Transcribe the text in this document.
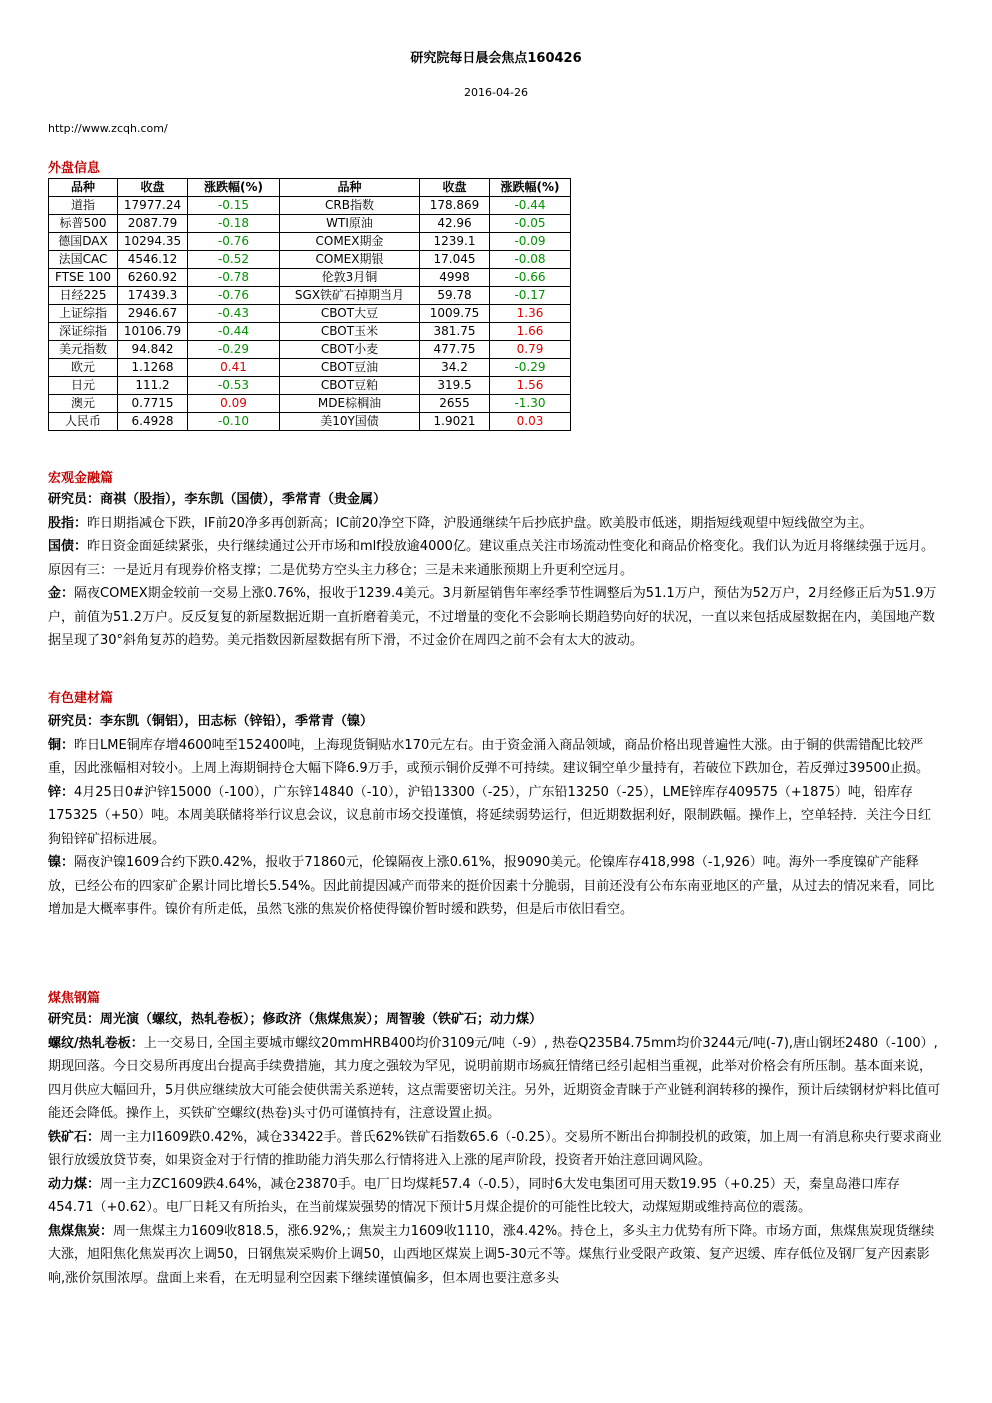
研究院每日晨会焦点160426
2016-04-26
http://www.zcqh.com/
外盘信息
品种	收盘	涨跌幅(%)	品种	收盘	涨跌幅(%)
道指	17977.24	-0.15	CRB指数	178.869	-0.44
标普500	2087.79	-0.18	WTI原油	42.96	-0.05
德国DAX	10294.35	-0.76	COMEX期金	1239.1	-0.09
法国CAC	4546.12	-0.52	COMEX期银	17.045	-0.08
FTSE 100	6260.92	-0.78	伦敦3月铜	4998	-0.66
日经225	17439.3	-0.76	SGX铁矿石掉期当月	59.78	-0.17
上证综指	2946.67	-0.43	CBOT大豆	1009.75	1.36
深证综指	10106.79	-0.44	CBOT玉米	381.75	1.66
美元指数	94.842	-0.29	CBOT小麦	477.75	0.79
欧元	1.1268	0.41	CBOT豆油	34.2	-0.29
日元	111.2	-0.53	CBOT豆粕	319.5	1.56
澳元	0.7715	0.09	MDE棕榈油	2655	-1.30
人民币	6.4928	-0.10	美10Y国债	1.9021	0.03
宏观金融篇

研究员：商祺（股指），李东凯（国债），季常青（贵金属）

股指：昨日期指减仓下跌，IF前20净多再创新高；IC前20净空下降，沪股通继续午后抄底护盘。欧美股市低迷，期指短线观望中短线做空为主。

国债：昨日资金面延续紧张，央行继续通过公开市场和mlf投放逾4000亿。建议重点关注市场流动性变化和商品价格变化。我们认为近月将继续强于远月。原因有三：一是近月有现券价格支撑；二是优势方空头主力移仓；三是未来通胀预期上升更利空远月。

金：隔夜COMEX期金较前一交易上涨0.76%，报收于1239.4美元。3月新屋销售年率经季节性调整后为51.1万户，预估为52万户，2月经修正后为51.9万户，前值为51.2万户。反反复复的新屋数据近期一直折磨着美元，不过增量的变化不会影响长期趋势向好的状况，一直以来包括成屋数据在内，美国地产数据呈现了30°斜角复苏的趋势。美元指数因新屋数据有所下滑，不过金价在周四之前不会有太大的波动。

有色建材篇

研究员：李东凯（铜铝），田志标（锌铅），季常青（镍）

铜：昨日LME铜库存增4600吨至152400吨，上海现货铜贴水170元左右。由于资金涌入商品领域，商品价格出现普遍性大涨。由于铜的供需错配比较严重，因此涨幅相对较小。上周上海期铜持仓大幅下降6.9万手，或预示铜价反弹不可持续。建议铜空单少量持有，若破位下跌加仓，若反弹过39500止损。

锌：4月25日0#沪锌15000（-100），广东锌14840（-10），沪铅13300（-25），广东铅13250（-25），LME锌库存409575（+1875）吨，铅库存175325（+50）吨。本周美联储将举行议息会议，议息前市场交投谨慎，将延续弱势运行，但近期数据利好，限制跌幅。操作上，空单轻持．关注今日红狗铅锌矿招标进展。

镍：隔夜沪镍1609合约下跌0.42%，报收于71860元，伦镍隔夜上涨0.61%，报9090美元。伦镍库存418,998（-1,926）吨。海外一季度镍矿产能释放，已经公布的四家矿企累计同比增长5.54%。因此前提因减产而带来的挺价因素十分脆弱，目前还没有公布东南亚地区的产量，从过去的情况来看，同比增加是大概率事件。镍价有所走低，虽然飞涨的焦炭价格使得镍价暂时缓和跌势，但是后市依旧看空。

煤焦钢篇

研究员：周光演（螺纹，热轧卷板）；修政济（焦煤焦炭）；周智骏（铁矿石；动力煤）

螺纹/热轧卷板：上一交易日, 全国主要城市螺纹20mmHRB400均价3109元/吨（-9）, 热卷Q235B4.75mm均价3244元/吨(-7),唐山钢坯2480（-100）,期现回落。今日交易所再度出台提高手续费措施，其力度之强较为罕见，说明前期市场疯狂情绪已经引起相当重视，此举对价格会有所压制。基本面来说，四月供应大幅回升，5月供应继续放大可能会使供需关系逆转，这点需要密切关注。另外，近期资金青睐于产业链利润转移的操作，预计后续钢材炉料比值可能还会降低。操作上，买铁矿空螺纹(热卷)头寸仍可谨慎持有，注意设置止损。

铁矿石：周一主力I1609跌0.42%，减仓33422手。普氏62%铁矿石指数65.6（-0.25）。交易所不断出台抑制投机的政策，加上周一有消息称央行要求商业银行放缓放贷节奏，如果资金对于行情的推助能力消失那么行情将进入上涨的尾声阶段，投资者开始注意回调风险。

动力煤：周一主力ZC1609跌4.64%，减仓23870手。电厂日均煤耗57.4（-0.5），同时6大发电集团可用天数19.95（+0.25）天，秦皇岛港口库存454.71（+0.62）。电厂日耗又有所抬头，在当前煤炭强势的情况下预计5月煤企提价的可能性比较大，动煤短期或维持高位的震荡。

焦煤焦炭：周一焦煤主力1609收818.5，涨6.92%,；焦炭主力1609收1110，涨4.42%。持仓上，多头主力优势有所下降。市场方面，焦煤焦炭现货继续大涨，旭阳焦化焦炭再次上调50，日钢焦炭采购价上调50，山西地区煤炭上调5-30元不等。煤焦行业受限产政策、复产迟缓、库存低位及钢厂复产因素影响,涨价氛围浓厚。盘面上来看，在无明显利空因素下继续谨慎偏多，但本周也要注意多头
